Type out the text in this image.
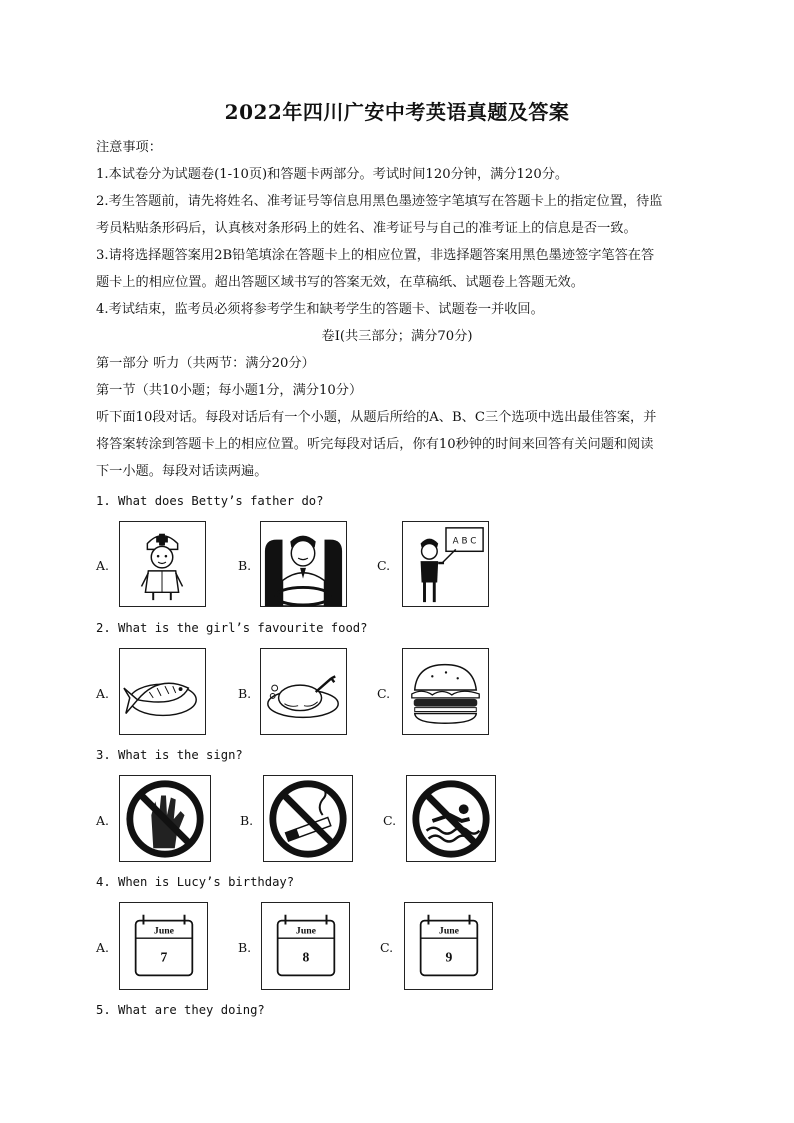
2022年四川广安中考英语真题及答案
注意事项：
1.本试卷分为试题卷(1-10页)和答题卡两部分。考试时间120分钟，满分120分。
2.考生答题前，请先将姓名、准考证号等信息用黑色墨迹签字笔填写在答题卡上的指定位置，待监
考员粘贴条形码后，认真核对条形码上的姓名、准考证号与自己的准考证上的信息是否一致。
3.请将选择题答案用2B铅笔填涂在答题卡上的相应位置，非选择题答案用黑色墨迹签字笔答在答
题卡上的相应位置。超出答题区域书写的答案无效，在草稿纸、试题卷上答题无效。
4.考试结束，监考员必须将参考学生和缺考学生的答题卡、试题卷一并收回。
卷Ⅰ(共三部分；满分70分)
第一部分 听力（共两节：满分20分）
第一节（共10小题；每小题1分，满分10分）
听下面10段对话。每段对话后有一个小题，从题后所给的A、B、C三个选项中选出最佳答案，并
将答案转涂到答题卡上的相应位置。听完每段对话后，你有10秒钟的时间来回答有关问题和阅读
下一小题。每段对话读两遍。
1. What does Betty’s father do?
A.	B.	C.
A B C
2. What is the girl’s favourite food?
A.	B.	C.
3. What is the sign?
A.	B.	C.
4. When is Lucy’s birthday?
A.
June
7
B.
June
8
C.
June
9
5. What are they doing?
